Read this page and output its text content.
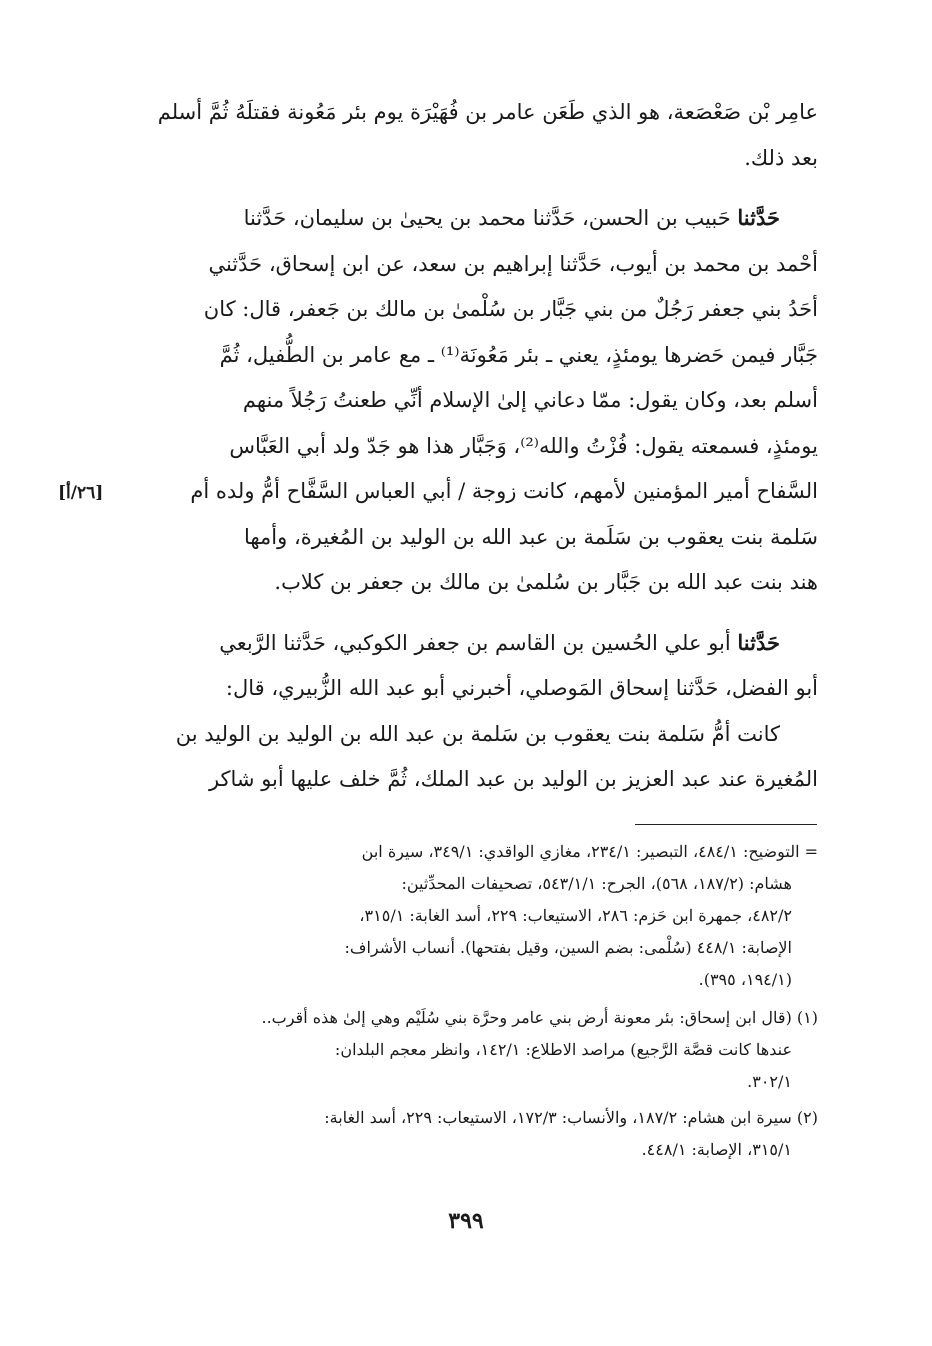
عامِر بْن صَعْصَعة، هو الذي طَعَن عامر بن فُهَيْرَة يوم بئر مَعُونة فقتلَهُ ثُمَّ أسلم
بعد ذلك.

حَدَّثنا حَبيب بن الحسن، حَدَّثنا محمد بن يحيىٰ بن سليمان، حَدَّثنا
أحْمد بن محمد بن أيوب، حَدَّثنا إبراهيم بن سعد، عن ابن إسحاق، حَدَّثني
أحَدُ بني جعفر رَجُلٌ من بني جَبَّار بن سُلْمىٰ بن مالك بن جَعفر، قال: كان
جَبَّار فيمن حَضرها يومئذٍ، يعني ـ بئر مَعُونَة⁽¹⁾ ـ مع عامر بن الطُّفيل، ثُمَّ
أسلم بعد، وكان يقول: ممّا دعاني إلىٰ الإسلام أنِّي طعنتُ رَجُلاً منهم
يومئذٍ، فسمعته يقول: فُزْتُ والله⁽²⁾، وَجَبَّار هذا هو جَدّ ولد أبي العَبَّاس
السَّفاح أمير المؤمنين لأمهم، كانت زوجة / أبي العباس السَّفَّاح أمُّ ولده أم
سَلمة بنت يعقوب بن سَلَمة بن عبد الله بن الوليد بن المُغيرة، وأمها
هند بنت عبد الله بن جَبَّار بن سُلمىٰ بن مالك بن جعفر بن كلاب.

حَدَّثنا أبو علي الحُسين بن القاسم بن جعفر الكوكبي، حَدَّثنا الرَّبعي
أبو الفضل، حَدَّثنا إسحاق المَوصلي، أخبرني أبو عبد الله الزُّبيري، قال:

كانت أمُّ سَلمة بنت يعقوب بن سَلمة بن عبد الله بن الوليد بن الوليد بن
المُغيرة عند عبد العزيز بن الوليد بن عبد الملك، ثُمَّ خلف عليها أبو شاكر

[٢٦/أ]

= التوضيح: ٤٨٤/١، التبصير: ٢٣٤/١، مغازي الواقدي: ٣٤٩/١، سيرة ابن
هشام: (١٨٧/٢، ٥٦٨)، الجرح: ٥٤٣/١/١، تصحيفات المحدِّثين:
٤٨٢/٢، جمهرة ابن حَزم: ٢٨٦، الاستيعاب: ٢٢٩، أسد الغابة: ٣١٥/١،
الإصابة: ٤٤٨/١ (سُلْمى: بضم السين، وقيل بفتحها). أنساب الأشراف:
(١٩٤/١، ٣٩٥).

(١) (قال ابن إسحاق: بئر معونة أرض بني عامر وحرَّة بني سُلَيْم وهي إلىٰ هذه أقرب..
عندها كانت قصَّة الرَّجيع) مراصد الاطلاع: ١٤٢/١، وانظر معجم البلدان:
٣٠٢/١.

(٢) سيرة ابن هشام: ١٨٧/٢، والأنساب: ١٧٢/٣، الاستيعاب: ٢٢٩، أسد الغابة:
٣١٥/١، الإصابة: ٤٤٨/١.

٣٩٩
